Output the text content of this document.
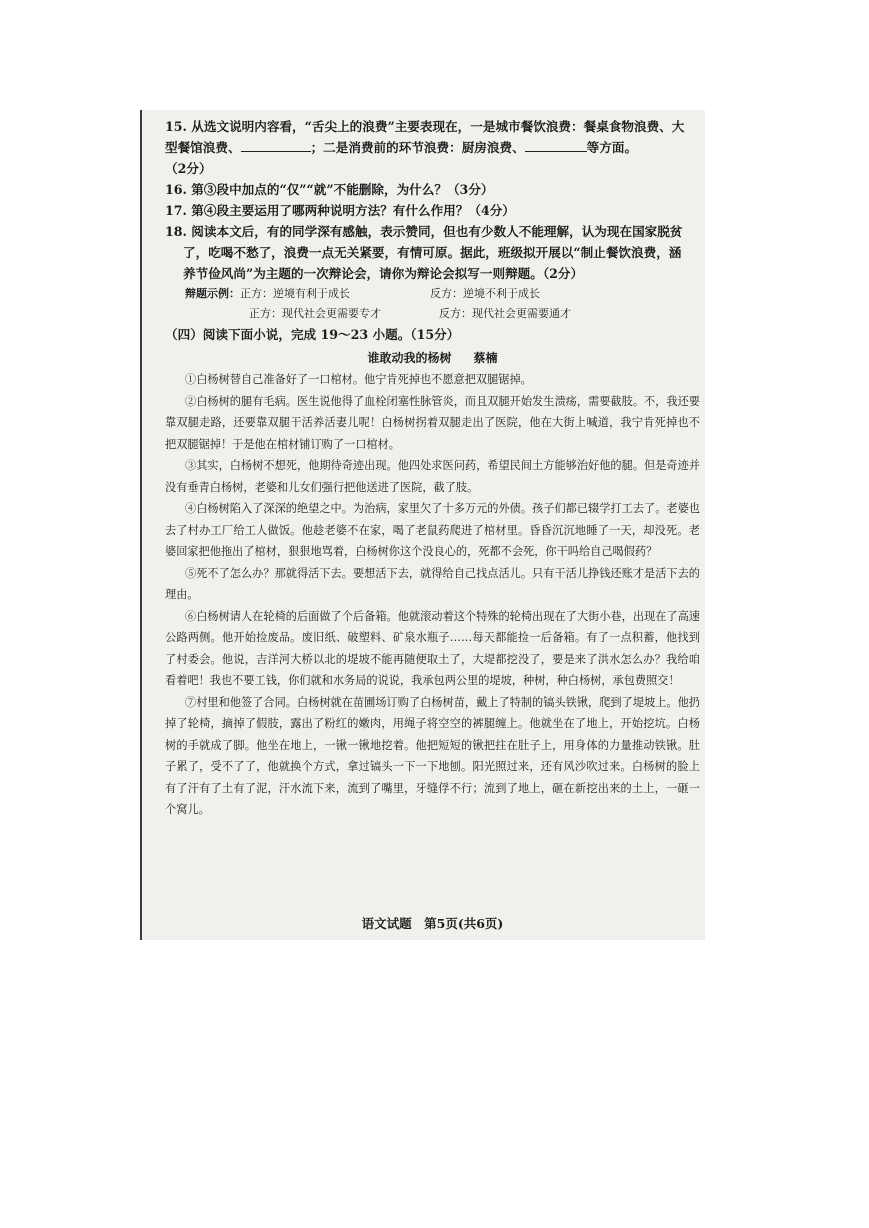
15. 从选文说明内容看，“舌尖上的浪费”主要表现在，一是城市餐饮浪费：餐桌食物浪费、大
型餐馆浪费、	；二是消费前的环节浪费：厨房浪费、	等方面。
（2分）
16. 第③段中加点的“仅”“就”不能删除，为什么？（3分）
17. 第④段主要运用了哪两种说明方法？有什么作用？（4分）
18. 阅读本文后，有的同学深有感触，表示赞同，但也有少数人不能理解，认为现在国家脱贫
了，吃喝不愁了，浪费一点无关紧要，有情可原。据此，班级拟开展以“制止餐饮浪费，涵
养节俭风尚”为主题的一次辩论会，请你为辩论会拟写一则辩题。（2分）
辩题示例：正方：逆境有利于成长	反方：逆境不利于成长
正方：现代社会更需要专才	反方：现代社会更需要通才
（四）阅读下面小说，完成 19～23 小题。（15分）
谁敢动我的杨树 蔡楠

①白杨树替自己准备好了一口棺材。他宁肯死掉也不愿意把双腿锯掉。

②白杨树的腿有毛病。医生说他得了血栓闭塞性脉管炎，而且双腿开始发生溃疡，需要截肢。不，我还要靠双腿走路，还要靠双腿干活养活妻儿呢！白杨树拐着双腿走出了医院，他在大街上喊道，我宁肯死掉也不把双腿锯掉！于是他在棺材铺订购了一口棺材。

③其实，白杨树不想死，他期待奇迹出现。他四处求医问药，希望民间土方能够治好他的腿。但是奇迹并没有垂青白杨树，老婆和儿女们强行把他送进了医院，截了肢。

④白杨树陷入了深深的绝望之中。为治病，家里欠了十多万元的外债。孩子们都已辍学打工去了。老婆也去了村办工厂给工人做饭。他趁老婆不在家，喝了老鼠药爬进了棺材里。昏昏沉沉地睡了一天，却没死。老婆回家把他拖出了棺材，狠狠地骂着，白杨树你这个没良心的，死都不会死，你干吗给自己喝假药？

⑤死不了怎么办？那就得活下去。要想活下去，就得给自己找点活儿。只有干活儿挣钱还账才是活下去的理由。

⑥白杨树请人在轮椅的后面做了个后备箱。他就滚动着这个特殊的轮椅出现在了大街小巷，出现在了高速公路两侧。他开始捡废品。废旧纸、破塑料、矿泉水瓶子……每天都能捡一后备箱。有了一点积蓄，他找到了村委会。他说，吉洋河大桥以北的堤坡不能再随便取土了，大堤都挖没了，要是来了洪水怎么办？我给咱看着吧！我也不要工钱，你们就和水务局的说说，我承包两公里的堤坡，种树，种白杨树，承包费照交！

⑦村里和他签了合同。白杨树就在苗圃场订购了白杨树苗，戴上了特制的镐头铁锹，爬到了堤坡上。他扔掉了轮椅，摘掉了假肢，露出了粉红的嫩肉，用绳子将空空的裤腿缠上。他就坐在了地上，开始挖坑。白杨树的手就成了脚。他坐在地上，一锹一锹地挖着。他把短短的锹把拄在肚子上，用身体的力量推动铁锹。肚子累了，受不了了，他就换个方式，拿过镐头一下一下地刨。阳光照过来，还有风沙吹过来。白杨树的脸上有了汗有了土有了泥，汗水流下来，流到了嘴里，牙缝俘不行；流到了地上，砸在新挖出来的土上，一砸一个窝儿。

语文试题　第5页(共6页)
